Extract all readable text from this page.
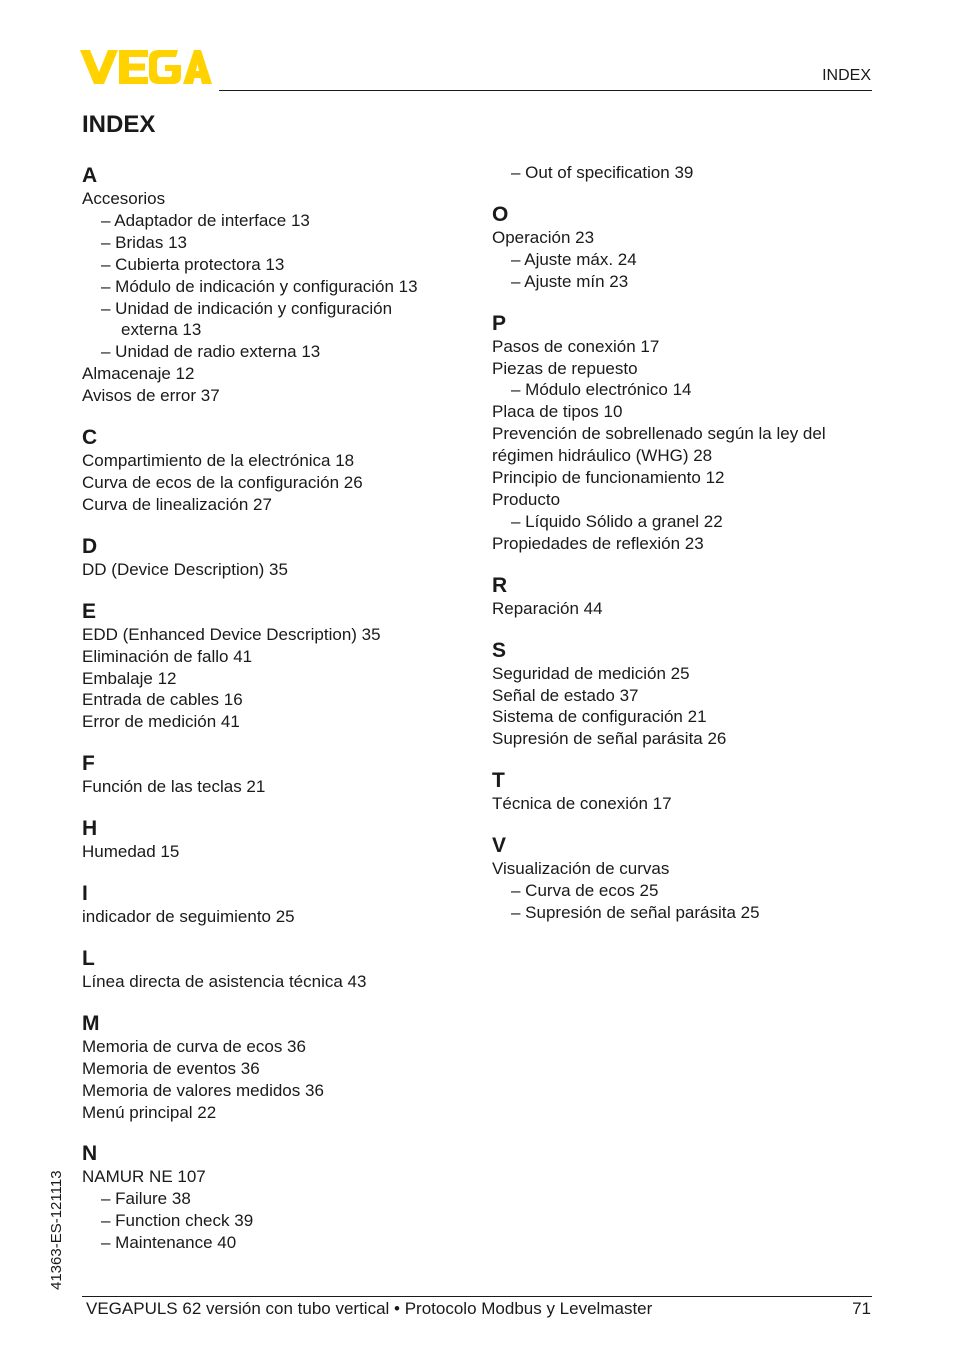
INDEX
INDEX
A
Accesorios
– Adaptador de interface 13
– Bridas 13
– Cubierta protectora 13
– Módulo de indicación y configuración 13
– Unidad de indicación y configuración
externa 13
– Unidad de radio externa 13
Almacenaje 12
Avisos de error 37
C
Compartimiento de la electrónica 18
Curva de ecos de la configuración 26
Curva de linealización 27
D
DD (Device Description) 35
E
EDD (Enhanced Device Description) 35
Eliminación de fallo 41
Embalaje 12
Entrada de cables 16
Error de medición 41
F
Función de las teclas 21
H
Humedad 15
I
indicador de seguimiento 25
L
Línea directa de asistencia técnica 43
M
Memoria de curva de ecos 36
Memoria de eventos 36
Memoria de valores medidos 36
Menú principal 22
N
NAMUR NE 107
– Failure 38
– Function check 39
– Maintenance 40
– Out of specification 39
O
Operación 23
– Ajuste máx. 24
– Ajuste mín 23
P
Pasos de conexión 17
Piezas de repuesto
– Módulo electrónico 14
Placa de tipos 10
Prevención de sobrellenado según la ley del
régimen hidráulico (WHG) 28
Principio de funcionamiento 12
Producto
– Líquido Sólido a granel 22
Propiedades de reflexión 23
R
Reparación 44
S
Seguridad de medición 25
Señal de estado 37
Sistema de configuración 21
Supresión de señal parásita 26
T
Técnica de conexión 17
V
Visualización de curvas
– Curva de ecos 25
– Supresión de señal parásita 25
41363-ES-121113
VEGAPULS 62 versión con tubo vertical • Protocolo Modbus y Levelmaster	71
